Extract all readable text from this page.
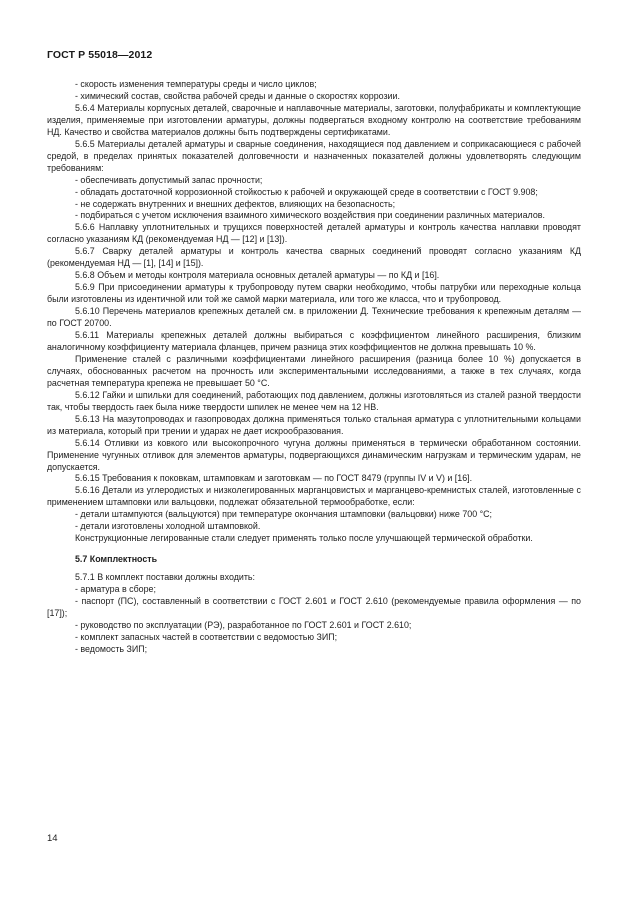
ГОСТ Р 55018—2012

- скорость изменения температуры среды и число циклов;

- химический состав, свойства рабочей среды и данные о скоростях коррозии.

5.6.4 Материалы корпусных деталей, сварочные и наплавочные материалы, заготовки, полуфабрикаты и комплектующие изделия, применяемые при изготовлении арматуры, должны подвергаться входному контролю на соответствие требованиям НД. Качество и свойства материалов должны быть подтверждены сертификатами.

5.6.5 Материалы деталей арматуры и сварные соединения, находящиеся под давлением и соприкасающиеся с рабочей средой, в пределах принятых показателей долговечности и назначенных показателей должны удовлетворять следующим требованиям:

- обеспечивать допустимый запас прочности;

- обладать достаточной коррозионной стойкостью к рабочей и окружающей среде в соответствии с ГОСТ 9.908;

- не содержать внутренних и внешних дефектов, влияющих на безопасность;

- подбираться с учетом исключения взаимного химического воздействия при соединении различных материалов.

5.6.6 Наплавку уплотнительных и трущихся поверхностей деталей арматуры и контроль качества наплавки проводят согласно указаниям КД (рекомендуемая НД — [12] и [13]).

5.6.7 Сварку деталей арматуры и контроль качества сварных соединений проводят согласно указаниям КД (рекомендуемая НД — [1], [14] и [15]).

5.6.8 Объем и методы контроля материала основных деталей арматуры — по КД и [16].

5.6.9 При присоединении арматуры к трубопроводу путем сварки необходимо, чтобы патрубки или переходные кольца были изготовлены из идентичной или той же самой марки материала, или того же класса, что и трубопровод.

5.6.10 Перечень материалов крепежных деталей см. в приложении Д. Технические требования к крепежным деталям — по ГОСТ 20700.

5.6.11 Материалы крепежных деталей должны выбираться с коэффициентом линейного расширения, близким аналогичному коэффициенту материала фланцев, причем разница этих коэффициентов не должна превышать 10 %.

Применение сталей с различными коэффициентами линейного расширения (разница более 10 %) допускается в случаях, обоснованных расчетом на прочность или экспериментальными исследованиями, а также в тех случаях, когда расчетная температура крепежа не превышает 50 °С.

5.6.12 Гайки и шпильки для соединений, работающих под давлением, должны изготовляться из сталей разной твердости так, чтобы твердость гаек была ниже твердости шпилек не менее чем на 12 НВ.

5.6.13 На мазутопроводах и газопроводах должна применяться только стальная арматура с уплотнительными кольцами из материала, который при трении и ударах не дает искрообразования.

5.6.14 Отливки из ковкого или высокопрочного чугуна должны применяться в термически обработанном состоянии. Применение чугунных отливок для элементов арматуры, подвергающихся динамическим нагрузкам и термическим ударам, не допускается.

5.6.15 Требования к поковкам, штамповкам и заготовкам — по ГОСТ 8479 (группы IV и V) и [16].

5.6.16 Детали из углеродистых и низколегированных марганцовистых и марганцево-кремнистых сталей, изготовленные с применением штамповки или вальцовки, подлежат обязательной термообработке, если:

- детали штампуются (вальцуются) при температуре окончания штамповки (вальцовки) ниже 700 °С;

- детали изготовлены холодной штамповкой.

Конструкционные легированные стали следует применять только после улучшающей термической обработки.

5.7 Комплектность

5.7.1 В комплект поставки должны входить:

- арматура в сборе;

- паспорт (ПС), составленный в соответствии с ГОСТ 2.601 и ГОСТ 2.610 (рекомендуемые правила оформления — по [17]);

- руководство по эксплуатации (РЭ), разработанное по ГОСТ 2.601 и ГОСТ 2.610;

- комплект запасных частей в соответствии с ведомостью ЗИП;

- ведомость ЗИП;

14
